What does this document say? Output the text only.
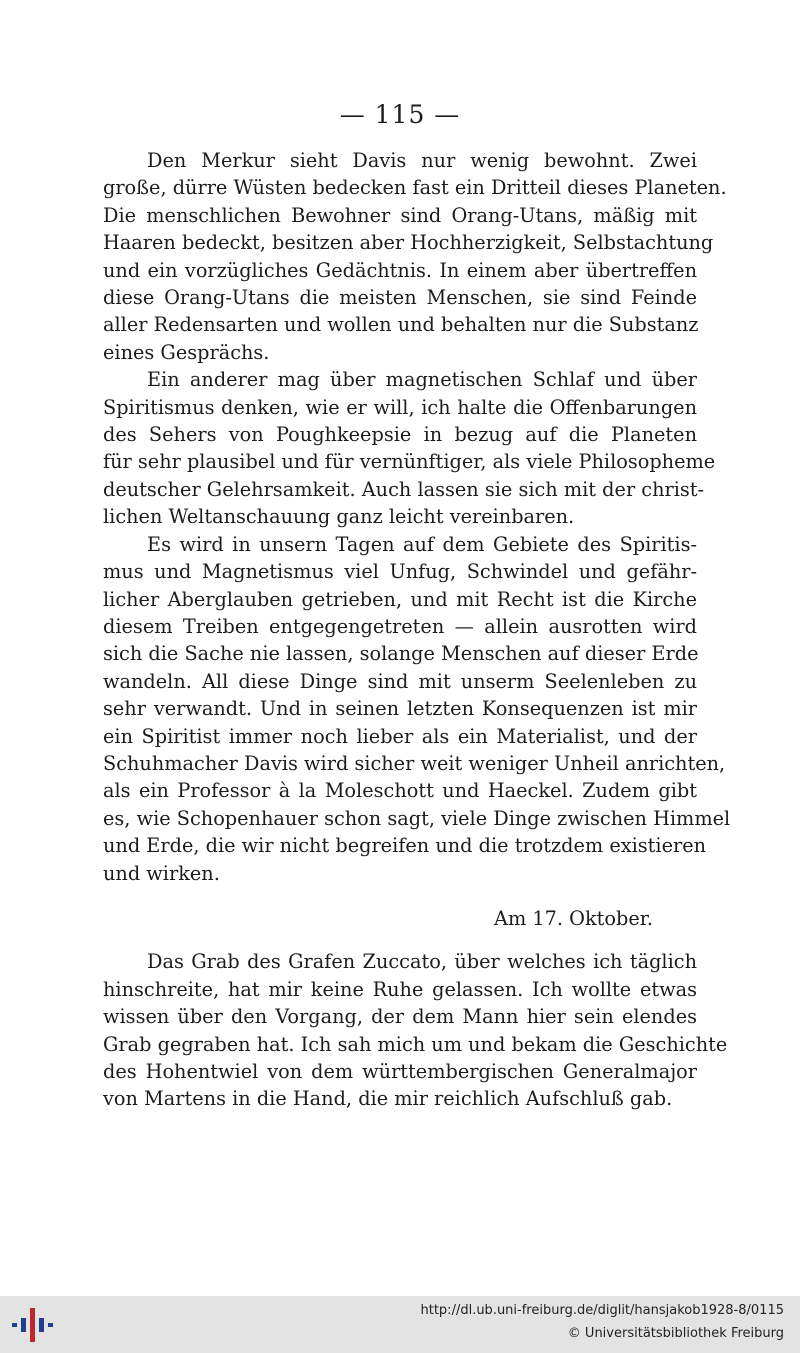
— 115 —
Den Merkur sieht Davis nur wenig bewohnt. Zwei
große, dürre Wüsten bedecken fast ein Dritteil dieses Planeten.
Die menschlichen Bewohner sind Orang-Utans, mäßig mit
Haaren bedeckt, besitzen aber Hochherzigkeit, Selbstachtung
und ein vorzügliches Gedächtnis. In einem aber übertreffen
diese Orang-Utans die meisten Menschen, sie sind Feinde
aller Redensarten und wollen und behalten nur die Substanz
eines Gesprächs.
Ein anderer mag über magnetischen Schlaf und über
Spiritismus denken, wie er will, ich halte die Offenbarungen
des Sehers von Poughkeepsie in bezug auf die Planeten
für sehr plausibel und für vernünftiger, als viele Philosopheme
deutscher Gelehrsamkeit. Auch lassen sie sich mit der christ-
lichen Weltanschauung ganz leicht vereinbaren.
Es wird in unsern Tagen auf dem Gebiete des Spiritis-
mus und Magnetismus viel Unfug, Schwindel und gefähr-
licher Aberglauben getrieben, und mit Recht ist die Kirche
diesem Treiben entgegengetreten — allein ausrotten wird
sich die Sache nie lassen, solange Menschen auf dieser Erde
wandeln. All diese Dinge sind mit unserm Seelenleben zu
sehr verwandt. Und in seinen letzten Konsequenzen ist mir
ein Spiritist immer noch lieber als ein Materialist, und der
Schuhmacher Davis wird sicher weit weniger Unheil anrichten,
als ein Professor à la Moleschott und Haeckel. Zudem gibt
es, wie Schopenhauer schon sagt, viele Dinge zwischen Himmel
und Erde, die wir nicht begreifen und die trotzdem existieren
und wirken.
Am 17. Oktober.
Das Grab des Grafen Zuccato, über welches ich täglich
hinschreite, hat mir keine Ruhe gelassen. Ich wollte etwas
wissen über den Vorgang, der dem Mann hier sein elendes
Grab gegraben hat. Ich sah mich um und bekam die Geschichte
des Hohentwiel von dem württembergischen Generalmajor
von Martens in die Hand, die mir reichlich Aufschluß gab.
http://dl.ub.uni-freiburg.de/diglit/hansjakob1928-8/0115
© Universitätsbibliothek Freiburg
